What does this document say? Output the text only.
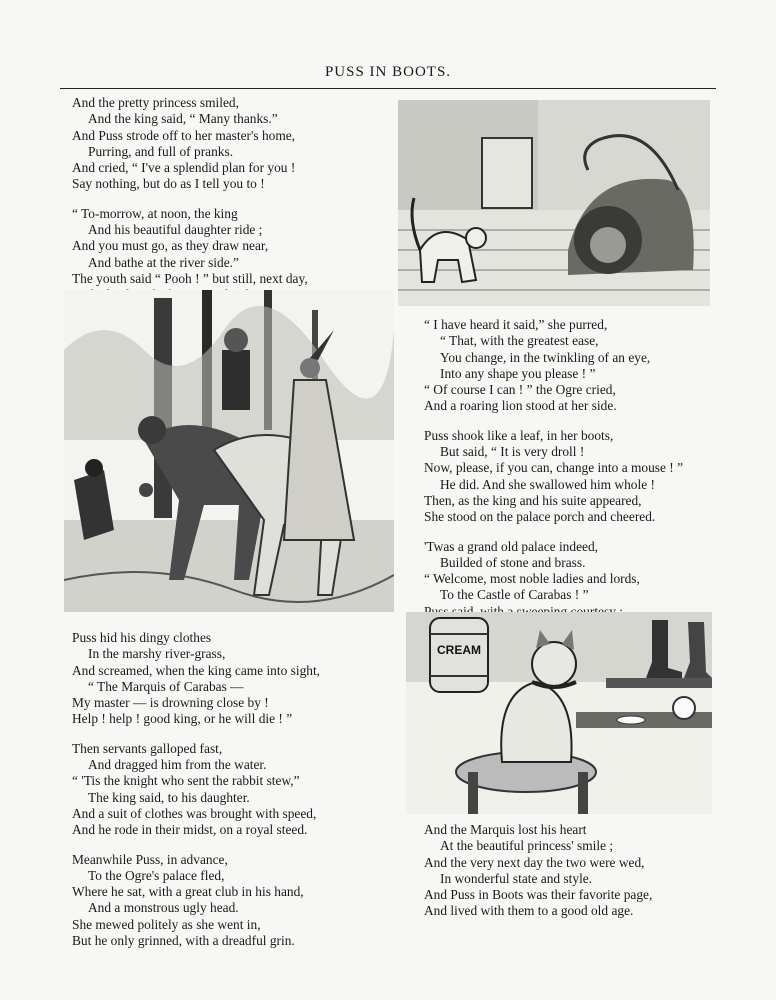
PUSS IN BOOTS.
And the pretty princess smiled,
And the king said, “ Many thanks.”
And Puss strode off to her master's home,
Purring, and full of pranks.
And cried, “ I've a splendid plan for you !
Say nothing, but do as I tell you to !
“ To-morrow, at noon, the king
And his beautiful daughter ride ;
And you must go, as they draw near,
And bathe at the river side.”
The youth said “ Pooh ! ” but still, next day,
Puss hid his dingy clothes
In the marshy river-grass,
And screamed, when the king came into sight,
“ The Marquis of Carabas —
My master — is drowning close by !
Help ! help ! good king, or he will die ! ”
Then servants galloped fast,
And dragged him from the water.
“ 'Tis the knight who sent the rabbit stew,”
The king said, to his daughter.
And a suit of clothes was brought with speed,
And he rode in their midst, on a royal steed.
Meanwhile Puss, in advance,
To the Ogre's palace fled,
Where he sat, with a great club in his hand,
And a monstrous ugly head.
She mewed politely as she went in,
But he only grinned, with a dreadful grin.
“ I have heard it said,” she purred,
“ That, with the greatest ease,
You change, in the twinkling of an eye,
Into any shape you please ! ”
“ Of course I can ! ” the Ogre cried,
And a roaring lion stood at her side.
Puss shook like a leaf, in her boots,
But said, “ It is very droll !
Now, please, if you can, change into a mouse ! ”
He did. And she swallowed him whole !
Then, as the king and his suite appeared,
She stood on the palace porch and cheered.
'Twas a grand old palace indeed,
Builded of stone and brass.
“ Welcome, most noble ladies and lords,
To the Castle of Carabas ! ”
CREAM
And the Marquis lost his heart
At the beautiful princess' smile ;
And the very next day the two were wed,
In wonderful state and style.
And Puss in Boots was their favorite page,
And lived with them to a good old age.
